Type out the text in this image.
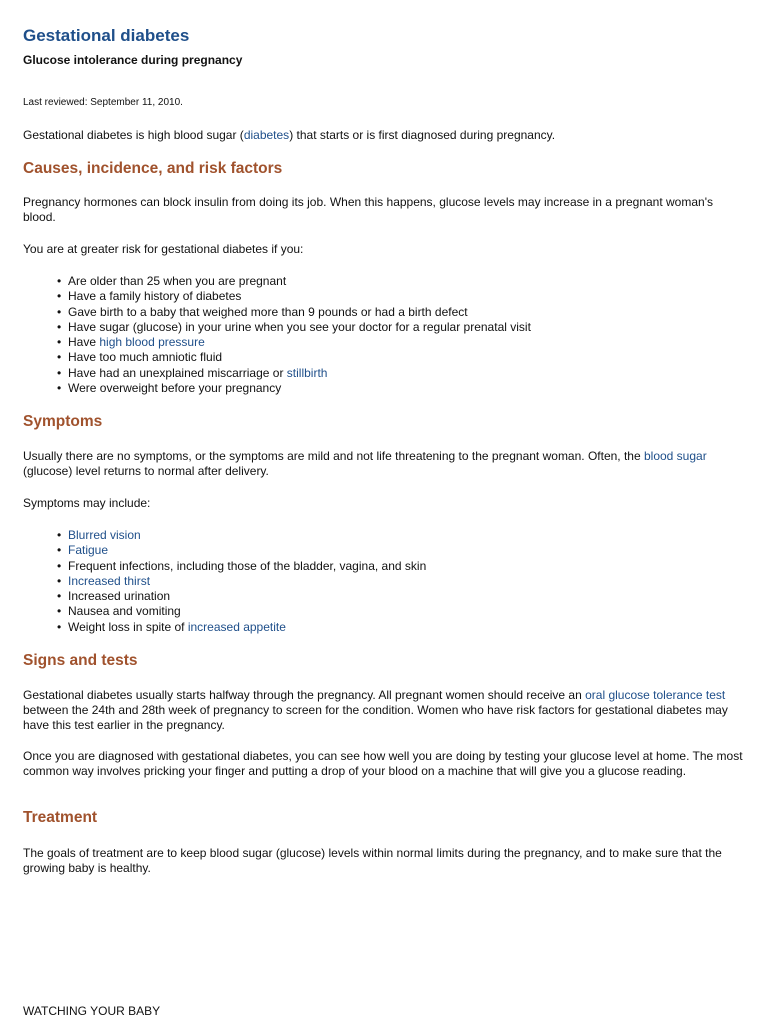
Gestational diabetes
Glucose intolerance during pregnancy
Last reviewed: September 11, 2010.

Gestational diabetes is high blood sugar (diabetes) that starts or is first diagnosed during pregnancy.

Causes, incidence, and risk factors

Pregnancy hormones can block insulin from doing its job. When this happens, glucose levels may increase in a pregnant woman's blood.

You are at greater risk for gestational diabetes if you:

• Are older than 25 when you are pregnant
• Have a family history of diabetes
• Gave birth to a baby that weighed more than 9 pounds or had a birth defect
• Have sugar (glucose) in your urine when you see your doctor for a regular prenatal visit
• Have high blood pressure
• Have too much amniotic fluid
• Have had an unexplained miscarriage or stillbirth
• Were overweight before your pregnancy
Symptoms

Usually there are no symptoms, or the symptoms are mild and not life threatening to the pregnant woman. Often, the blood sugar (glucose) level returns to normal after delivery.

Symptoms may include:

• Blurred vision
• Fatigue
• Frequent infections, including those of the bladder, vagina, and skin
• Increased thirst
• Increased urination
• Nausea and vomiting
• Weight loss in spite of increased appetite
Signs and tests

Gestational diabetes usually starts halfway through the pregnancy. All pregnant women should receive an oral glucose tolerance test between the 24th and 28th week of pregnancy to screen for the condition. Women who have risk factors for gestational diabetes may have this test earlier in the pregnancy.

Once you are diagnosed with gestational diabetes, you can see how well you are doing by testing your glucose level at home. The most common way involves pricking your finger and putting a drop of your blood on a machine that will give you a glucose reading.

Treatment

The goals of treatment are to keep blood sugar (glucose) levels within normal limits during the pregnancy, and to make sure that the growing baby is healthy.

WATCHING YOUR BABY
